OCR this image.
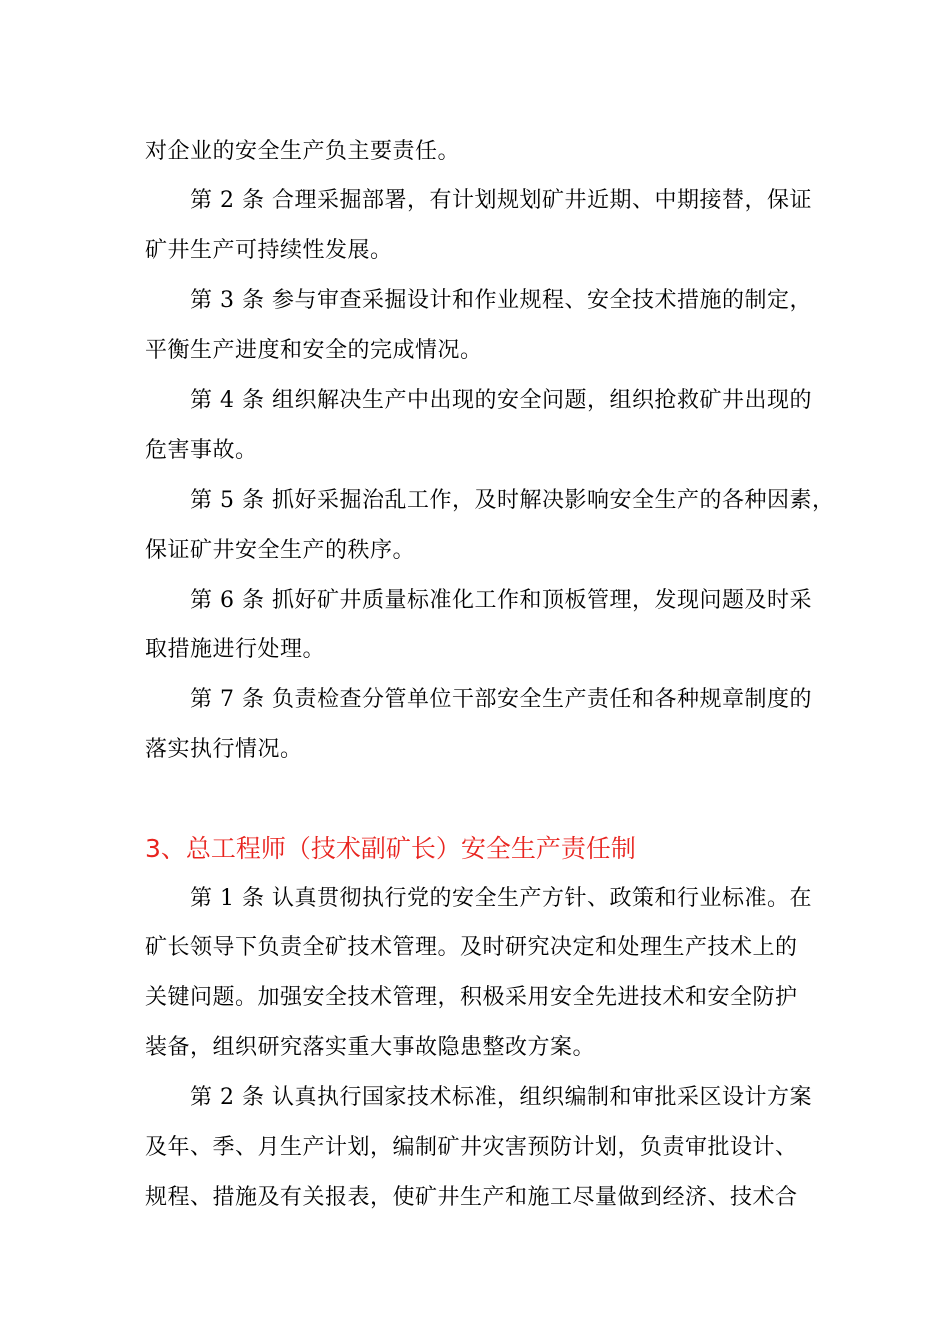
对企业的安全生产负主要责任。
第 2 条 合理采掘部署，有计划规划矿井近期、中期接替，保证
矿井生产可持续性发展。
第 3 条 参与审查采掘设计和作业规程、安全技术措施的制定，
平衡生产进度和安全的完成情况。
第 4 条 组织解决生产中出现的安全问题，组织抢救矿井出现的
危害事故。
第 5 条 抓好采掘治乱工作，及时解决影响安全生产的各种因素，
保证矿井安全生产的秩序。
第 6 条 抓好矿井质量标准化工作和顶板管理，发现问题及时采
取措施进行处理。
第 7 条 负责检查分管单位干部安全生产责任和各种规章制度的
落实执行情况。
3、总工程师（技术副矿长）安全生产责任制
第 1 条 认真贯彻执行党的安全生产方针、政策和行业标准。在
矿长领导下负责全矿技术管理。及时研究决定和处理生产技术上的
关键问题。加强安全技术管理，积极采用安全先进技术和安全防护
装备，组织研究落实重大事故隐患整改方案。
第 2 条 认真执行国家技术标准，组织编制和审批采区设计方案
及年、季、月生产计划，编制矿井灾害预防计划，负责审批设计、
规程、措施及有关报表，使矿井生产和施工尽量做到经济、技术合
